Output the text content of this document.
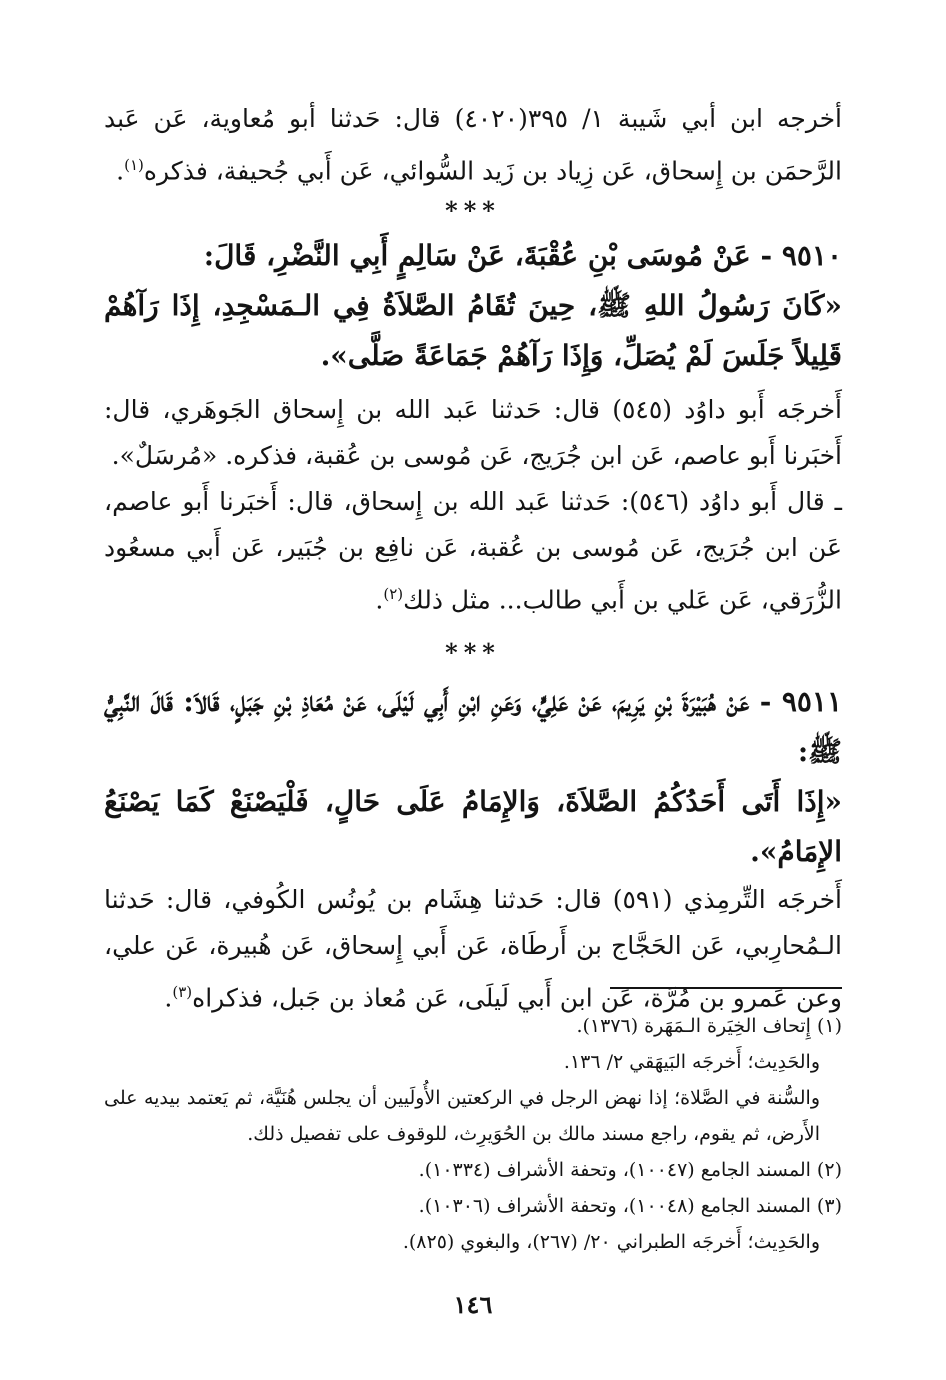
أخرجه ابن أبي شَيبة ١/ ٣٩٥(٤٠٢٠) قال: حَدثنا أبو مُعاوية، عَن عَبد الرَّحمَن بن إِسحاق، عَن زِياد بن زَيد السُّوائي، عَن أَبي جُحيفة، فذكره$^{(١)}$.

***

٩٥١٠ - عَنْ مُوسَى بْنِ عُقْبَةَ، عَنْ سَالِمٍ أَبِي النَّضْرِ، قَالَ:

«كَانَ رَسُولُ اللهِ ﷺ، حِينَ تُقَامُ الصَّلاَةُ فِي الـمَسْجِدِ، إِذَا رَآهُمْ قَلِيلاً جَلَسَ لَمْ يُصَلِّ، وَإِذَا رَآهُمْ جَمَاعَةً صَلَّى».

أَخرجَه أَبو داوُد (٥٤٥) قال: حَدثنا عَبد الله بن إِسحاق الجَوهَري، قال: أَخبَرنا أَبو عاصم، عَن ابن جُرَيج، عَن مُوسى بن عُقبة، فذكره. «مُرسَلٌ».

ـ قال أَبو داوُد (٥٤٦): حَدثنا عَبد الله بن إِسحاق، قال: أَخبَرنا أَبو عاصم، عَن ابن جُرَيج، عَن مُوسى بن عُقبة، عَن نافِع بن جُبَير، عَن أَبي مسعُود الزُّرَقي، عَن عَلي بن أَبي طالب... مثل ذلك$^{(٢)}$.

***

٩٥١١ - عَنْ هُبَيْرَةَ بْنِ يَرِيمَ، عَنْ عَلِيٍّ، وَعَنِ ابْنِ أَبِي لَيْلَى، عَنْ مُعَاذِ بْنِ جَبَلٍ، قَالاَ: قَالَ النَّبِيُّ ﷺ:

«إِذَا أَتَى أَحَدُكُمُ الصَّلاَةَ، وَالإِمَامُ عَلَى حَالٍ، فَلْيَصْنَعْ كَمَا يَصْنَعُ الإِمَامُ».

أَخرجَه التِّرمِذي (٥٩١) قال: حَدثنا هِشَام بن يُونُس الكُوفي، قال: حَدثنا الـمُحارِبي، عَن الحَجَّاج بن أَرطَاة، عَن أَبي إِسحاق، عَن هُبيرة، عَن علي، وعن عَمرو بن مُرَّة، عَن ابن أَبي لَيلَى، عَن مُعاذ بن جَبل، فذكراه$^{(٣)}$.

(١) إِتحاف الخِيَرة الـمَهَرة (١٣٧٦).

والحَدِيث؛ أَخرجَه البَيهَقي ٢/ ١٣٦.

والسُّنة في الصَّلاة؛ إذا نهض الرجل في الركعتين الأُولَيين أن يجلس هُنَيَّة، ثم يَعتمد بيديه على الأَرض، ثم يقوم، راجع مسند مالك بن الحُوَيرِث، للوقوف على تفصيل ذلك.

(٢) المسند الجامع (١٠٠٤٧)، وتحفة الأشراف (١٠٣٣٤).

(٣) المسند الجامع (١٠٠٤٨)، وتحفة الأشراف (١٠٣٠٦).

والحَدِيث؛ أَخرجَه الطبراني ٢٠/ (٢٦٧)، والبغوي (٨٢٥).

١٤٦
